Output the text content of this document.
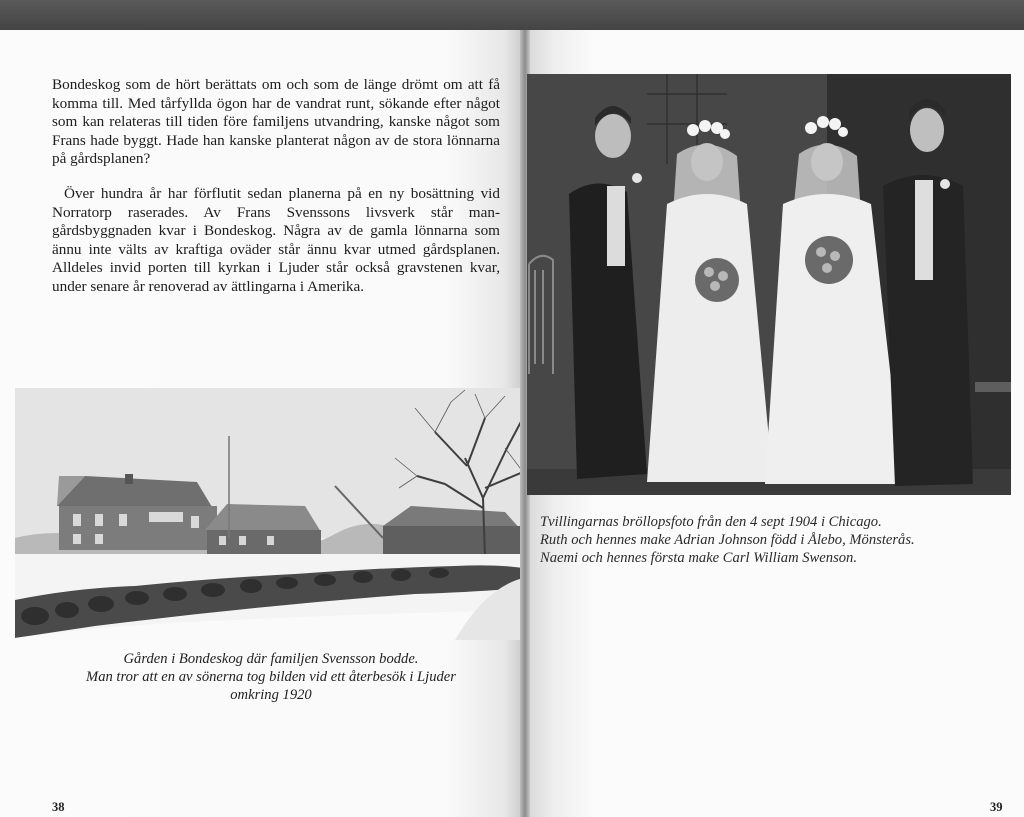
Bondeskog som de hört berättats om och som de länge drömt om att få komma till. Med tårfyllda ögon har de vandrat runt, sökande efter något som kan relateras till tiden före familjens utvandring, kanske något som Frans hade byggt. Hade han kanske planterat någon av de stora lönnarna på gårdsplanen?

Över hundra år har förflutit sedan planerna på en ny bosättning vid Norratorp raserades. Av Frans Svenssons livsverk står man-gårdsbyggnaden kvar i Bondeskog. Några av de gamla lönnarna som ännu inte välts av kraftiga oväder står ännu kvar utmed gårdsplanen. Alldeles invid porten till kyrkan i Ljuder står också gravstenen kvar, under senare år renoverad av ättlingarna i Amerika.

Gården i Bondeskog där familjen Svensson bodde.
Man tror att en av sönerna tog bilden vid ett återbesök i Ljuder
omkring 1920

38

Tvillingarnas bröllopsfoto från den 4 sept 1904 i Chicago.
Ruth och hennes make Adrian Johnson född i Ålebo, Mönsterås.
Naemi och hennes första make Carl William Swenson.

39
